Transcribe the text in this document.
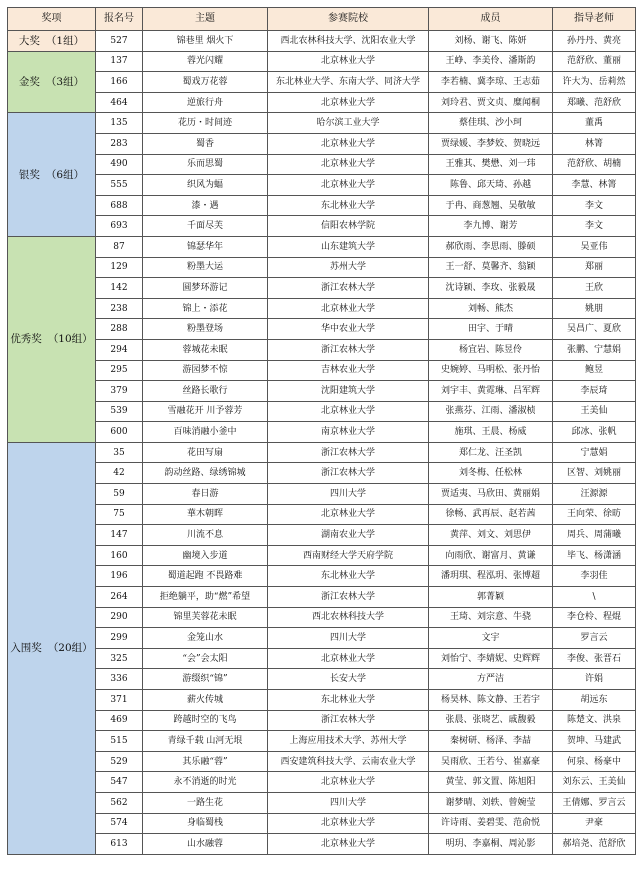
奖项	报名号	主题	参赛院校	成员	指导老师
大奖 （1组）	527	锦巷里 烟火下	西北农林科技大学、沈阳农业大学	刘杨、谢飞、陈妍	孙丹丹、黄亮
金奖 （3组）	137	蓉光闪耀	北京林业大学	王峥、李美伶、潘斯韵	范舒欣、董丽
	166	蜀戏万花蓉	东北林业大学、东南大学、同济大学	李若楠、冀李琼、王志茹	许大为、岳莉然
	464	逆旅行舟	北京林业大学	刘玲君、贾文贞、糜闻桐	郑曦、范舒欣
银奖 （6组）	135	花历・时间迹	哈尔滨工业大学	蔡佳琪、沙小珂	董禹
	283	蜀香	北京林业大学	贾绿媛、李梦姣、贺晓远	林箐
	490	乐而思蜀	北京林业大学	王雅其、樊懋、刘一玮	范舒欣、胡楠
	555	织风为蝠	北京林业大学	陈鲁、邱天琦、孙越	李慧、林箐
	688	漆・遇	东北林业大学	于冉、商葱翘、吴敬敏	李文
	693	千面尽芙	信阳农林学院	李九博、谢芳	李文
优秀奖 （10组）	87	锦瑟华年	山东建筑大学	郝欣雨、李思雨、滕硕	吴亚伟
	129	粉墨大运	苏州大学	王一舒、莫馨齐、翁颖	郑丽
	142	圆梦环游记	浙江农林大学	沈诗颖、李玫、张毅晟	王欣
	238	锦上・添花	北京林业大学	刘畅、熊杰	姚朋
	288	粉墨登场	华中农业大学	田宇、于晴	吴昌广、夏欣
	294	蓉城花未眠	浙江农林大学	杨宜岩、陈昱伶	张鹏、宁慧娟
	295	游园梦不惊	吉林农业大学	史婉婷、马明松、张丹怡	鲍昱
	379	丝路长歌行	沈阳建筑大学	刘宇丰、黄霓琳、吕军辉	李辰琦
	539	雪融花开 川予蓉芳	北京林业大学	张燕芬、江雨、潘淑桢	王美仙
	600	百味消融小釜中	南京林业大学	施琪、王晨、杨威	邱冰、张帆
入围奖 （20组）	35	花田写扇	浙江农林大学	郑仁龙、汪圣凯	宁慧娟
	42	韵动丝路、绿绣锦城	浙江农林大学	刘冬梅、任松林	区智、刘姚丽
	59	春日游	四川大学	贾适夷、马欣田、黄丽娟	汪源源
	75	華木朝晖	北京林业大学	徐畅、武再辰、赵若茜	王向荣、徐昉
	147	川流不息	湖南农业大学	黄萍、刘文、刘思伊	周兵、周蒲曦
	160	幽境入步道	西南财经大学天府学院	向雨欣、谢富月、黄谦	毕飞、杨潇涵
	196	蜀道起跑 不畏路难	东北林业大学	潘玥琪、程泓玥、张博超	李羽佳
	264	拒绝躺平，助“燃”希望	浙江农林大学	郭菁颖	\
	290	锦里芙蓉花未眠	西北农林科技大学	王琦、刘宗意、牛骁	李仓柃、程焜
	299	金笼山水	四川大学	文宇	罗言云
	325	“会”会太阳	北京林业大学	刘怡宁、李婧妮、史辉辉	李俊、张晋石
	336	游缀织“锦”	长安大学	方严洁	许娟
	371	薪火传城	东北林业大学	杨昊林、陈文静、王若宇	胡远东
	469	跨越时空的飞鸟	浙江农林大学	张晨、张晓艺、戚馥毅	陈楚文、洪泉
	515	青绿千载 山河无垠	上海应用技术大学、苏州大学	秦树研、杨泽、李喆	贺坤、马建武
	529	其乐融“蓉”	西安建筑科技大学、云南农业大学	吴雨欣、王若兮、崔嘉豪	何泉、杨豪中
	547	永不消逝的时光	北京林业大学	黄莹、郭文置、陈旭阳	刘东云、王美仙
	562	一路生花	四川大学	谢梦晴、刘轶、曾婉莹	王倩娜、罗言云
	574	身临蜀栈	北京林业大学	许诗雨、姜碧雯、范俞悦	尹豪
	613	山水融蓉	北京林业大学	明玥、李嘉桐、周沁影	郝培尧、范舒欣
